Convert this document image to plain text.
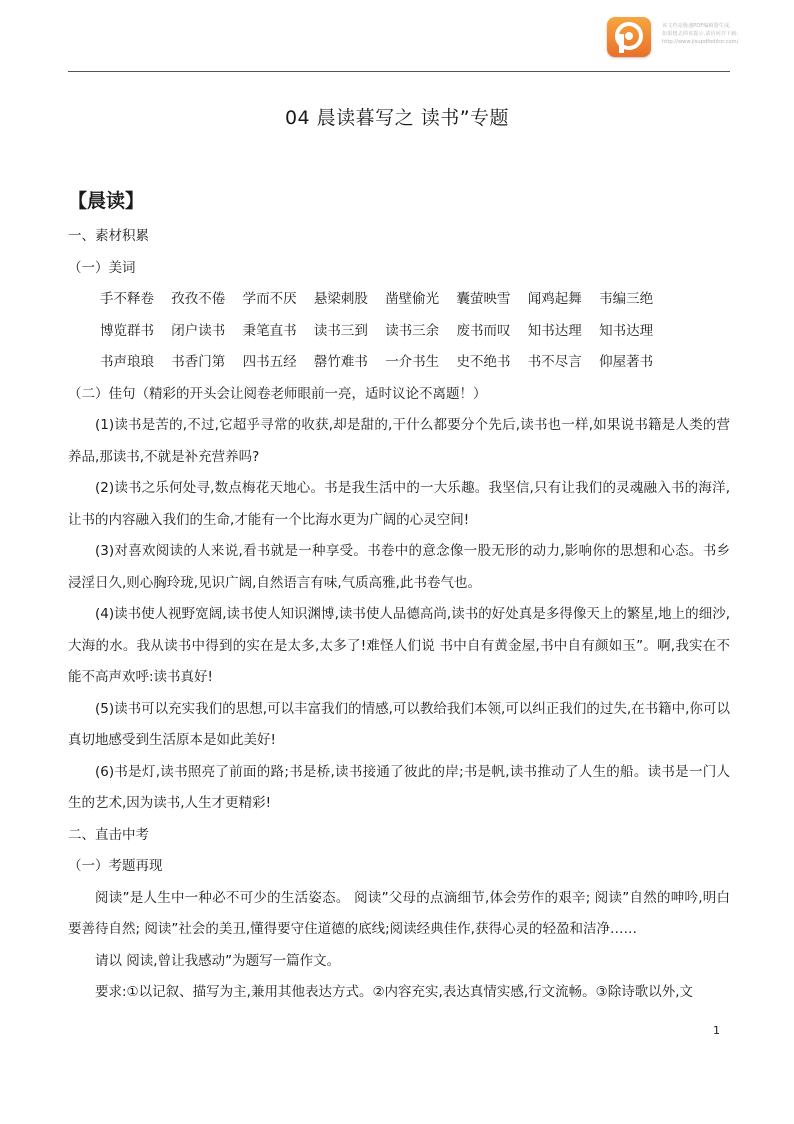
该文档是极速PDF编辑器生成,
如果想去掉该提示,请访问并下载:
http://www.jisupdfeditor.com/
04 晨读暮写之 读书”专题
【晨读】
一、素材积累
（一）美词
手不释卷 孜孜不倦 学而不厌 悬梁刺股 凿壁偷光 囊萤映雪 闻鸡起舞 韦编三绝
博览群书 闭户读书 秉笔直书 读书三到 读书三余 废书而叹 知书达理 知书达理
书声琅琅 书香门第 四书五经 罄竹难书 一介书生 史不绝书 书不尽言 仰屋著书
（二）佳句（精彩的开头会让阅卷老师眼前一亮，适时议论不离题！）
(1)读书是苦的,不过,它超乎寻常的收获,却是甜的,干什么都要分个先后,读书也一样,如果说书籍是人类的营养品,那读书,不就是补充营养吗?
(2)读书之乐何处寻,数点梅花天地心。书是我生活中的一大乐趣。我坚信,只有让我们的灵魂融入书的海洋,让书的内容融入我们的生命,才能有一个比海水更为广阔的心灵空间!
(3)对喜欢阅读的人来说,看书就是一种享受。书卷中的意念像一股无形的动力,影响你的思想和心态。书乡浸淫日久,则心胸玲珑,见识广阔,自然语言有味,气质高雅,此书卷气也。
(4)读书使人视野宽阔,读书使人知识渊博,读书使人品德高尚,读书的好处真是多得像天上的繁星,地上的细沙,大海的水。我从读书中得到的实在是太多,太多了!难怪人们说 书中自有黄金屋,书中自有颜如玉”。啊,我实在不能不高声欢呼:读书真好!
(5)读书可以充实我们的思想,可以丰富我们的情感,可以教给我们本领,可以纠正我们的过失,在书籍中,你可以真切地感受到生活原本是如此美好!
(6)书是灯,读书照亮了前面的路;书是桥,读书接通了彼此的岸;书是帆,读书推动了人生的船。读书是一门人生的艺术,因为读书,人生才更精彩!
二、直击中考
（一）考题再现
阅读”是人生中一种必不可少的生活姿态。 阅读”父母的点滴细节,体会劳作的艰辛; 阅读”自然的呻吟,明白要善待自然; 阅读”社会的美丑,懂得要守住道德的底线;阅读经典佳作,获得心灵的轻盈和洁净……
请以 阅读,曾让我感动”为题写一篇作文。
要求:①以记叙、描写为主,兼用其他表达方式。②内容充实,表达真情实感,行文流畅。③除诗歌以外,文
1
